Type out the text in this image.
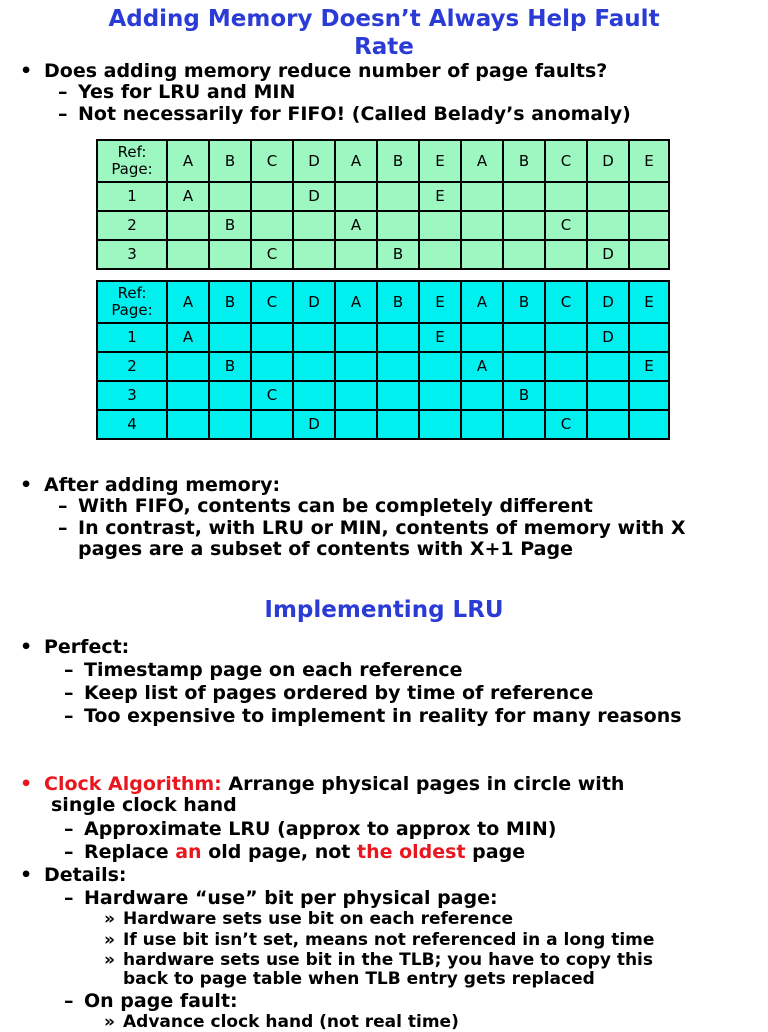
Adding Memory Doesn’t Always Help Fault
Rate
• Does adding memory reduce number of page faults?
– Yes for LRU and MIN
– Not necessarily for FIFO! (Called Belady’s anomaly)
Ref:
Page:	A	B	C	D	A	B	E	A	B	C	D	E
1	A			D			E					
2		B			A					C		
3			C			B					D	
Ref:
Page:	A	B	C	D	A	B	E	A	B	C	D	E
1	A						E				D	
2		B						A				E
3			C						B			
4				D						C		
• After adding memory:
– With FIFO, contents can be completely different
– In contrast, with LRU or MIN, contents of memory with X
pages are a subset of contents with X+1 Page
Implementing LRU
• Perfect:
– Timestamp page on each reference
– Keep list of pages ordered by time of reference
– Too expensive to implement in reality for many reasons
• Clock Algorithm: Arrange physical pages in circle with
single clock hand
– Approximate LRU (approx to approx to MIN)
– Replace an old page, not the oldest page
• Details:
– Hardware “use” bit per physical page:
» Hardware sets use bit on each reference
» If use bit isn’t set, means not referenced in a long time
» hardware sets use bit in the TLB; you have to copy this
back to page table when TLB entry gets replaced
– On page fault:
» Advance clock hand (not real time)
